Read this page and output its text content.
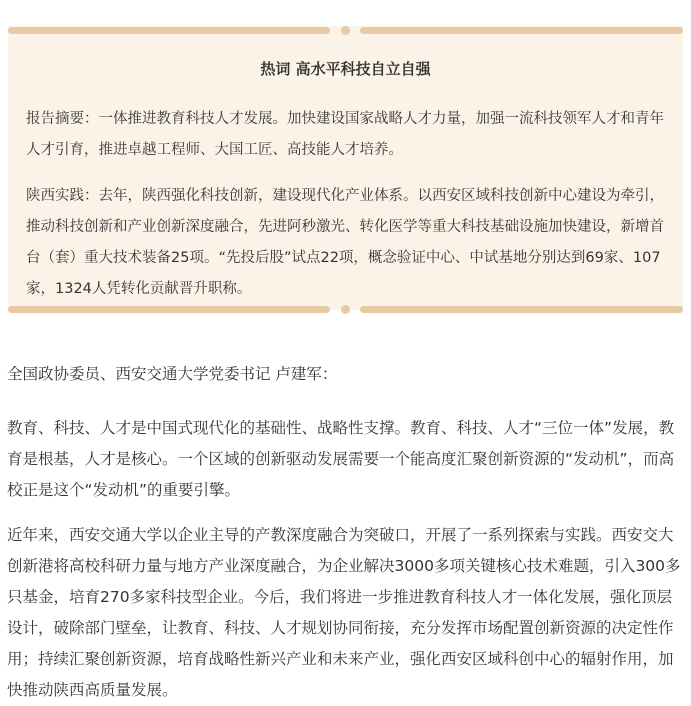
热词 高水平科技自立自强

报告摘要：一体推进教育科技人才发展。加快建设国家战略人才力量，加强一流科技领军人才和青年人才引育，推进卓越工程师、大国工匠、高技能人才培养。

陕西实践：去年，陕西强化科技创新，建设现代化产业体系。以西安区域科技创新中心建设为牵引，推动科技创新和产业创新深度融合，先进阿秒激光、转化医学等重大科技基础设施加快建设，新增首台（套）重大技术装备25项。“先投后股”试点22项，概念验证中心、中试基地分别达到69家、107家，1324人凭转化贡献晋升职称。

全国政协委员、西安交通大学党委书记 卢建军：

教育、科技、人才是中国式现代化的基础性、战略性支撑。教育、科技、人才“三位一体”发展，教育是根基，人才是核心。一个区域的创新驱动发展需要一个能高度汇聚创新资源的“发动机”，而高校正是这个“发动机”的重要引擎。

近年来，西安交通大学以企业主导的产教深度融合为突破口，开展了一系列探索与实践。西安交大创新港将高校科研力量与地方产业深度融合，为企业解决3000多项关键核心技术难题，引入300多只基金，培育270多家科技型企业。今后，我们将进一步推进教育科技人才一体化发展，强化顶层设计，破除部门壁垒，让教育、科技、人才规划协同衔接，充分发挥市场配置创新资源的决定性作用；持续汇聚创新资源，培育战略性新兴产业和未来产业，强化西安区域科创中心的辐射作用，加快推动陕西高质量发展。
